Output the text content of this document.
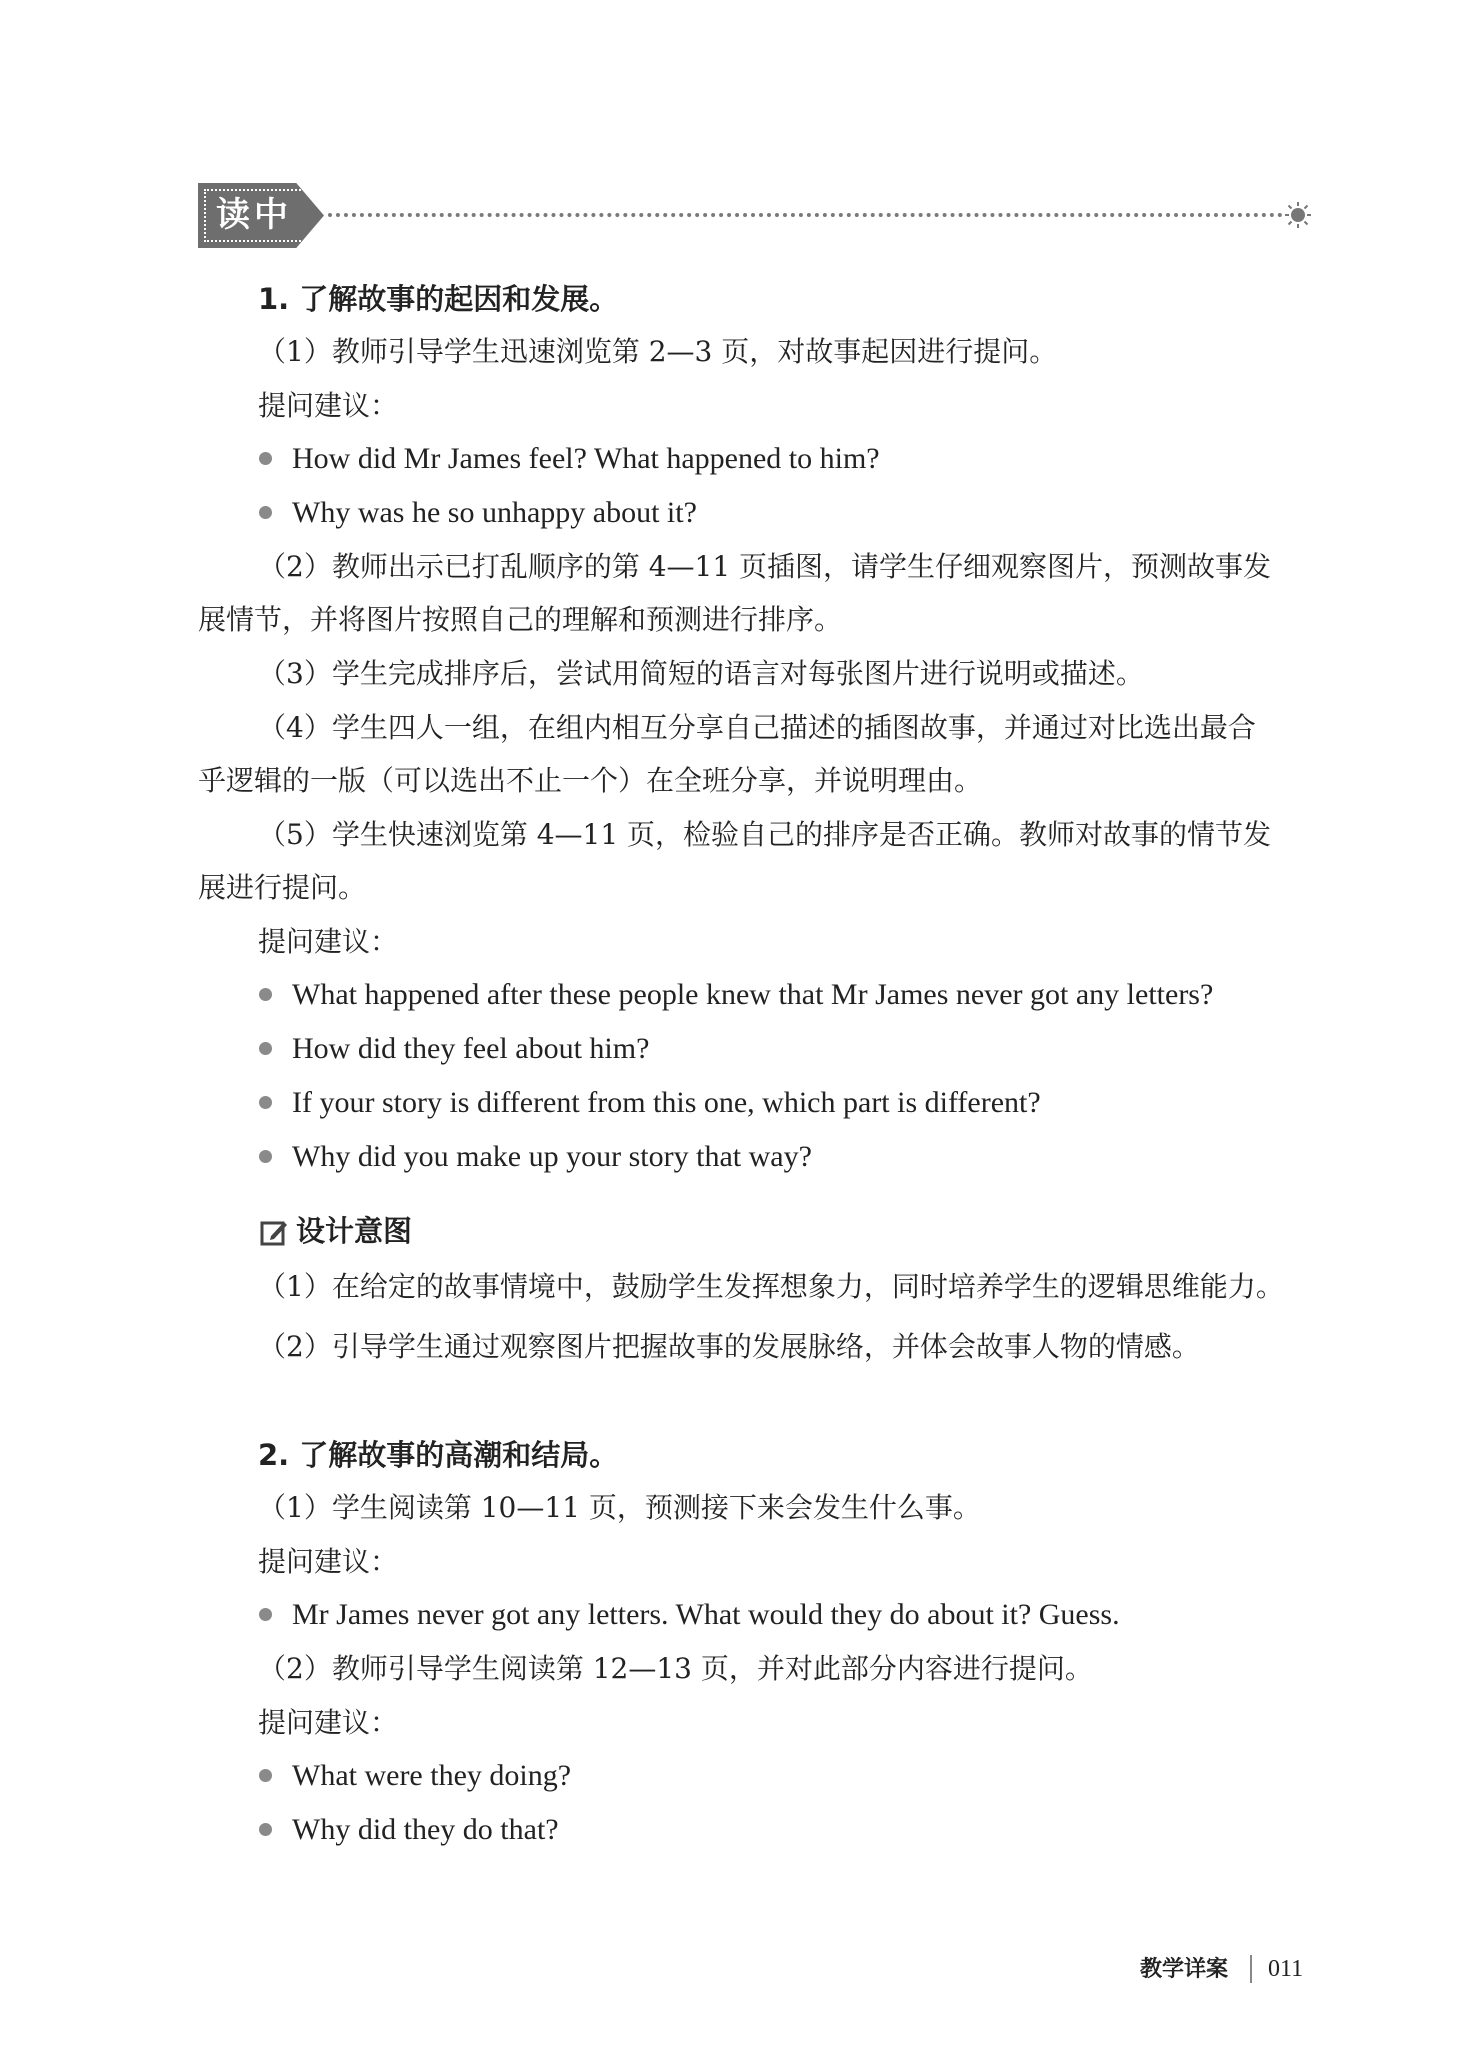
读中
1. 了解故事的起因和发展。
（1）教师引导学生迅速浏览第 2—3 页，对故事起因进行提问。
提问建议：
How did Mr James feel? What happened to him?
Why was he so unhappy about it?
（2）教师出示已打乱顺序的第 4—11 页插图，请学生仔细观察图片，预测故事发
展情节，并将图片按照自己的理解和预测进行排序。
（3）学生完成排序后，尝试用简短的语言对每张图片进行说明或描述。
（4）学生四人一组，在组内相互分享自己描述的插图故事，并通过对比选出最合
乎逻辑的一版（可以选出不止一个）在全班分享，并说明理由。
（5）学生快速浏览第 4—11 页，检验自己的排序是否正确。教师对故事的情节发
展进行提问。
提问建议：
What happened after these people knew that Mr James never got any letters?
How did they feel about him?
If your story is different from this one, which part is different?
Why did you make up your story that way?
设计意图
（1）在给定的故事情境中，鼓励学生发挥想象力，同时培养学生的逻辑思维能力。
（2）引导学生通过观察图片把握故事的发展脉络，并体会故事人物的情感。
2. 了解故事的高潮和结局。
（1）学生阅读第 10—11 页，预测接下来会发生什么事。
提问建议：
Mr James never got any letters. What would they do about it? Guess.
（2）教师引导学生阅读第 12—13 页，并对此部分内容进行提问。
提问建议：
What were they doing?
Why did they do that?
教学详案 011
